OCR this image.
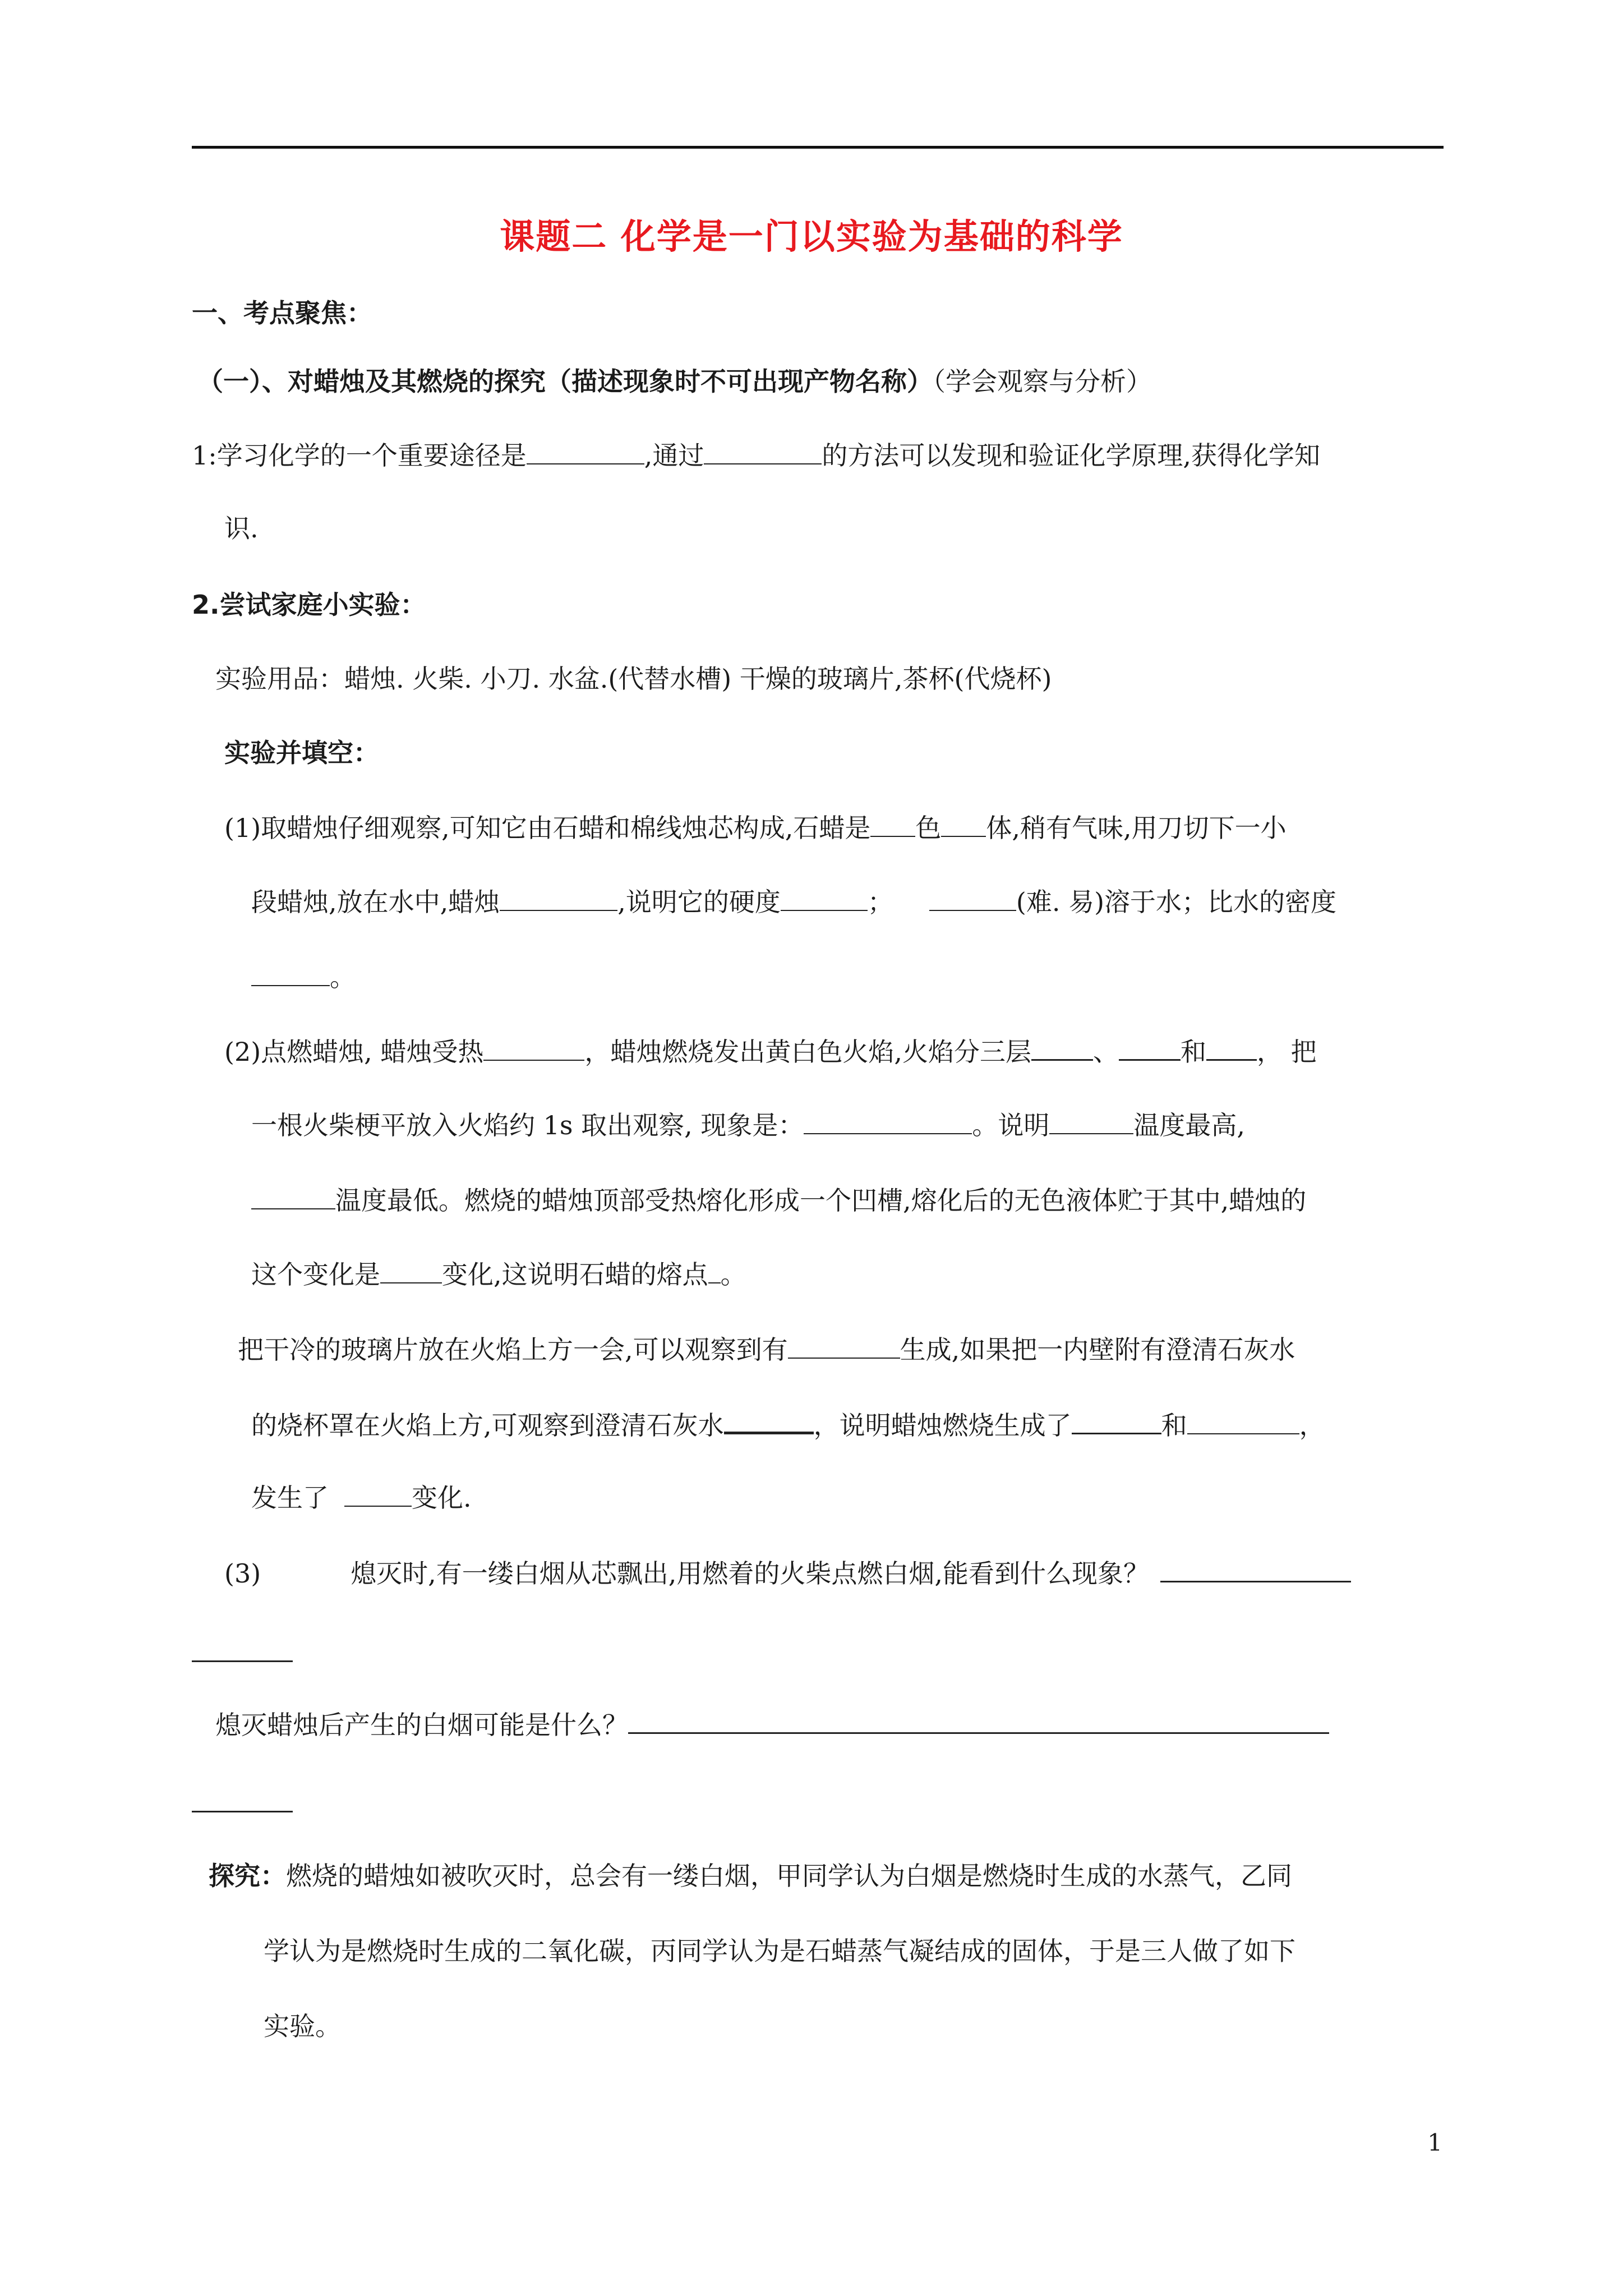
课题二 化学是一门以实验为基础的科学
一、考点聚焦：
（一）、对蜡烛及其燃烧的探究（描述现象时不可出现产物名称）（学会观察与分析）
1:学习化学的一个重要途径是	,通过	的方法可以发现和验证化学原理,获得化学知
识.
2.尝试家庭小实验：
实验用品：蜡烛. 火柴. 小刀. 水盆.(代替水槽) 干燥的玻璃片,茶杯(代烧杯)
实验并填空：
(1)取蜡烛仔细观察,可知它由石蜡和棉线烛芯构成,石蜡是 色 体,稍有气味,用刀切下一小
段蜡烛,放在水中,蜡烛	,说明它的硬度	；	(难. 易)溶于水；比水的密度
。
(2)点燃蜡烛, 蜡烛受热	，蜡烛燃烧发出黄白色火焰,火焰分三层 、 和 ， 把
一根火柴梗平放入火焰约 1s 取出观察, 现象是：	。说明	温度最高,
温度最低。燃烧的蜡烛顶部受热熔化形成一个凹槽,熔化后的无色液体贮于其中,蜡烛的
这个变化是 变化,这说明石蜡的熔点 。
把干冷的玻璃片放在火焰上方一会,可以观察到有	生成,如果把一内壁附有澄清石灰水
的烧杯罩在火焰上方,可观察到澄清石灰水	，说明蜡烛燃烧生成了	和	，
发生了	变化.
(3)	熄灭时,有一缕白烟从芯飘出,用燃着的火柴点燃白烟,能看到什么现象？
熄灭蜡烛后产生的白烟可能是什么？
探究：燃烧的蜡烛如被吹灭时，总会有一缕白烟，甲同学认为白烟是燃烧时生成的水蒸气，乙同
学认为是燃烧时生成的二氧化碳，丙同学认为是石蜡蒸气凝结成的固体，于是三人做了如下
实验。
1
